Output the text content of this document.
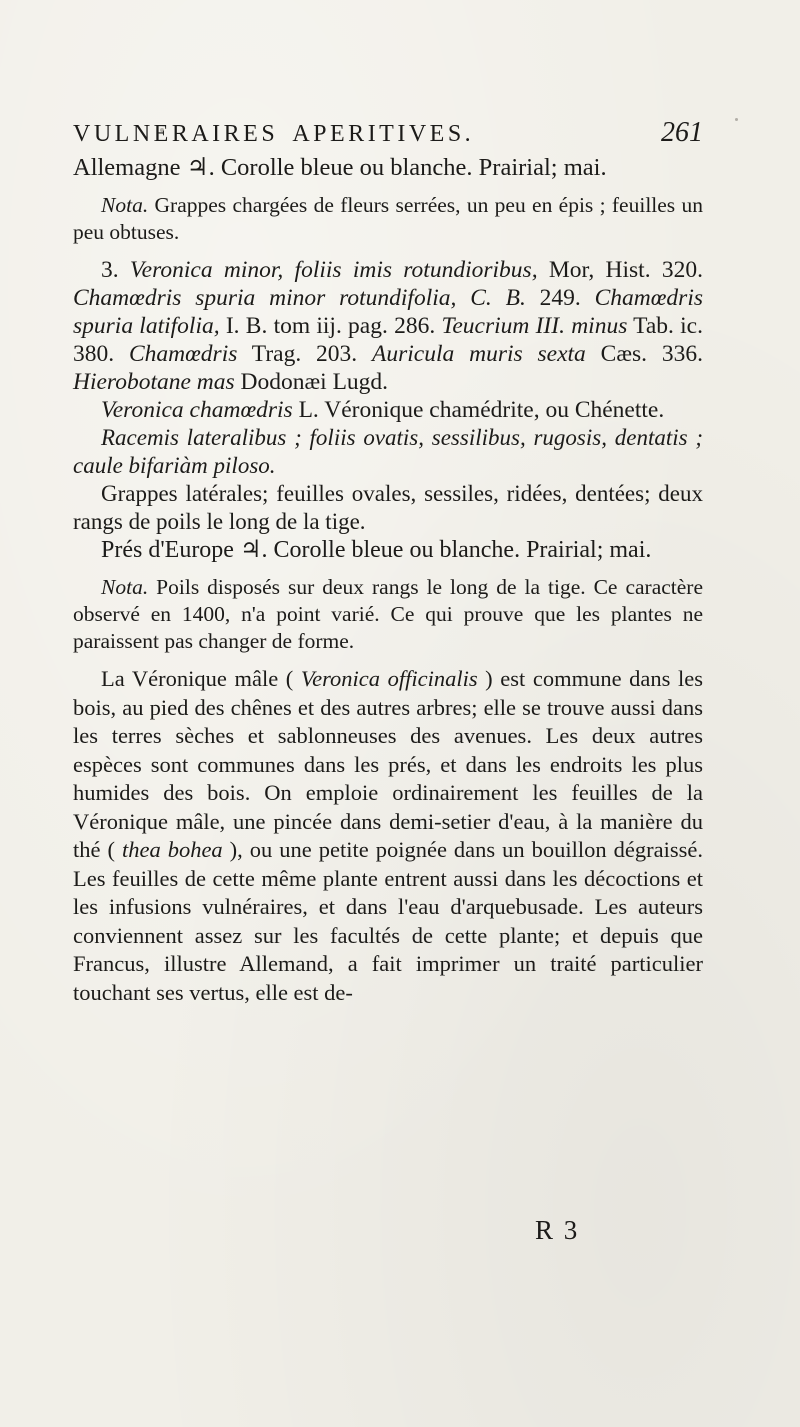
VULNERAIRES APERITIVES.	261

Allemagne ♃. Corolle bleue ou blanche. Prairial; mai.

Nota. Grappes chargées de fleurs serrées, un peu en épis ; feuilles un peu obtuses.

3. Veronica minor, foliis imis rotundioribus, Mor, Hist. 320. Chamœdris spuria minor rotundifolia, C. B. 249. Chamœdris spuria latifolia, I. B. tom iij. pag. 286. Teucrium III. minus Tab. ic. 380. Chamœdris Trag. 203. Auricula muris sexta Cæs. 336. Hierobotane mas Dodonæi Lugd.

Veronica chamœdris L. Véronique chamédrite, ou Chénette.

Racemis lateralibus ; foliis ovatis, sessilibus, rugosis, dentatis ; caule bifariàm piloso.

Grappes latérales; feuilles ovales, sessiles, ridées, dentées; deux rangs de poils le long de la tige.

Prés d'Europe ♃. Corolle bleue ou blanche. Prairial; mai.

Nota. Poils disposés sur deux rangs le long de la tige. Ce caractère observé en 1400, n'a point varié. Ce qui prouve que les plantes ne paraissent pas changer de forme.

La Véronique mâle ( Veronica officinalis ) est commune dans les bois, au pied des chênes et des autres arbres; elle se trouve aussi dans les terres sèches et sablonneuses des avenues. Les deux autres espèces sont communes dans les prés, et dans les endroits les plus humides des bois. On emploie ordinairement les feuilles de la Véronique mâle, une pincée dans demi-setier d'eau, à la manière du thé ( thea bohea ), ou une petite poignée dans un bouillon dégraissé. Les feuilles de cette même plante entrent aussi dans les décoctions et les infusions vulnéraires, et dans l'eau d'arquebusade. Les auteurs conviennent assez sur les facultés de cette plante; et depuis que Francus, illustre Allemand, a fait imprimer un traité particulier touchant ses vertus, elle est de-

R 3
